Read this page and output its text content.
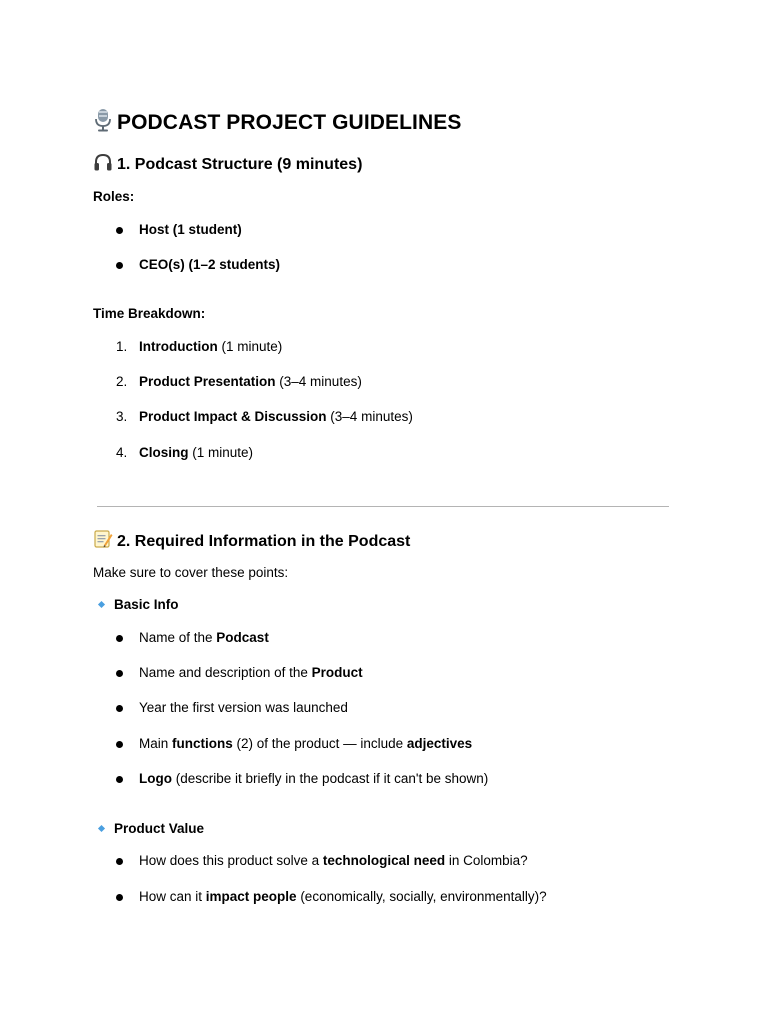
PODCAST PROJECT GUIDELINES
1. Podcast Structure (9 minutes)
Roles:
Host (1 student)
CEO(s) (1–2 students)
Time Breakdown:
1. Introduction (1 minute)
2. Product Presentation (3–4 minutes)
3. Product Impact & Discussion (3–4 minutes)
4. Closing (1 minute)
2. Required Information in the Podcast
Make sure to cover these points:
Basic Info
Name of the Podcast
Name and description of the Product
Year the first version was launched
Main functions (2) of the product — include adjectives
Logo (describe it briefly in the podcast if it can't be shown)
Product Value
How does this product solve a technological need in Colombia?
How can it impact people (economically, socially, environmentally)?
